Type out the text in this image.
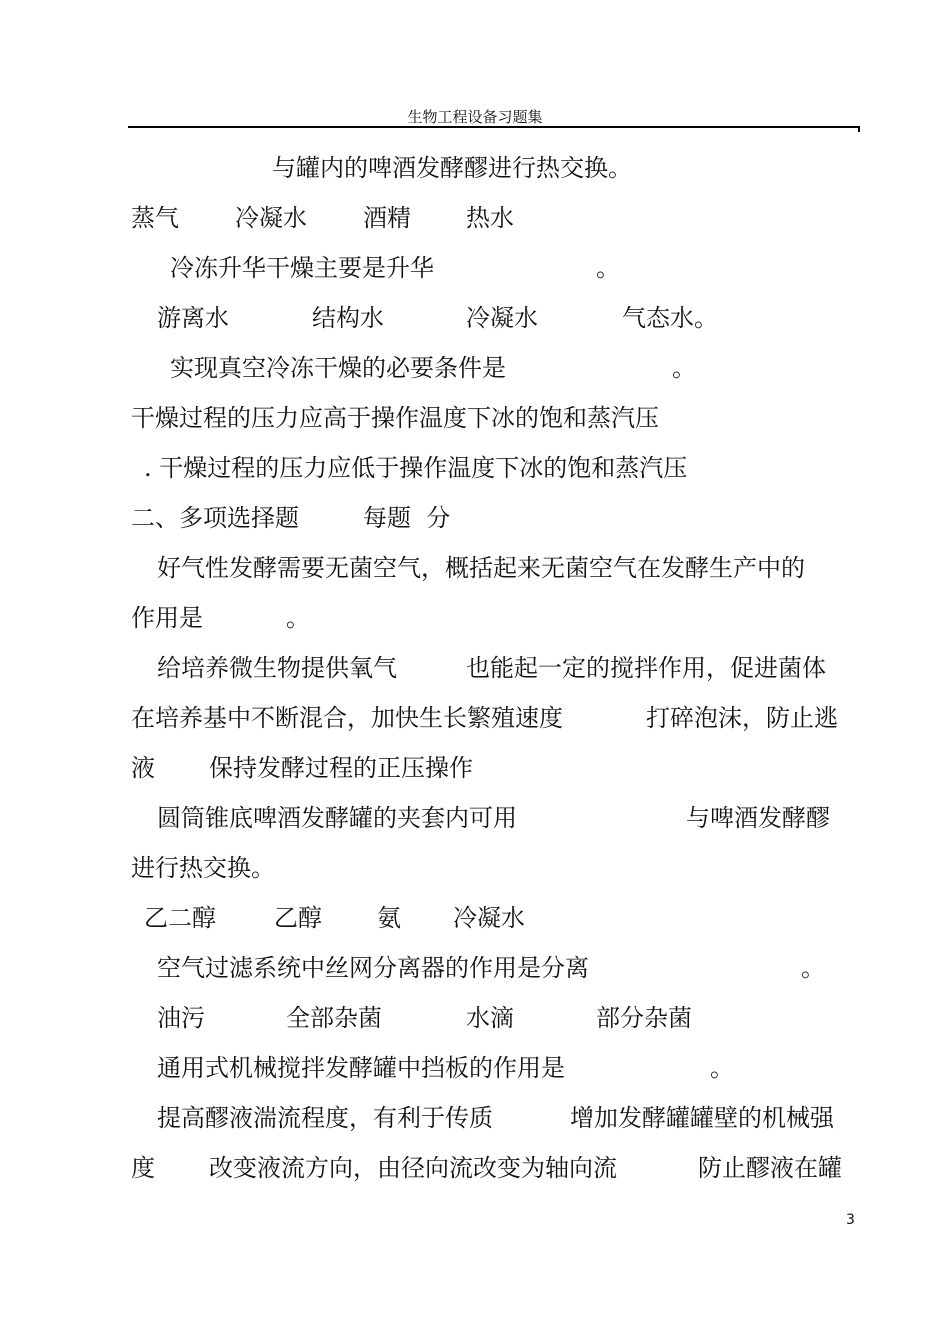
生物工程设备习题集
与罐内的啤酒发酵醪进行热交换。
蒸气 冷凝水 酒精 热水
冷冻升华干燥主要是升华	。
游离水	结构水	冷凝水	气态水。
实现真空冷冻干燥的必要条件是	。
干燥过程的压力应高于操作温度下冰的饱和蒸汽压
. 干燥过程的压力应低于操作温度下冰的饱和蒸汽压
二、多项选择题	每题  分
好气性发酵需要无菌空气，概括起来无菌空气在发酵生产中的
作用是	。
给培养微生物提供氧气	也能起一定的搅拌作用，促进菌体
在培养基中不断混合，加快生长繁殖速度	打碎泡沫，防止逃
液 保持发酵过程的正压操作
圆筒锥底啤酒发酵罐的夹套内可用	与啤酒发酵醪
进行热交换。
乙二醇 乙醇 氨 冷凝水
空气过滤系统中丝网分离器的作用是分离	。
油污	全部杂菌	水滴	部分杂菌
通用式机械搅拌发酵罐中挡板的作用是	。
提高醪液湍流程度，有利于传质	增加发酵罐罐壁的机械强
度 改变液流方向，由径向流改变为轴向流	防止醪液在罐
3
